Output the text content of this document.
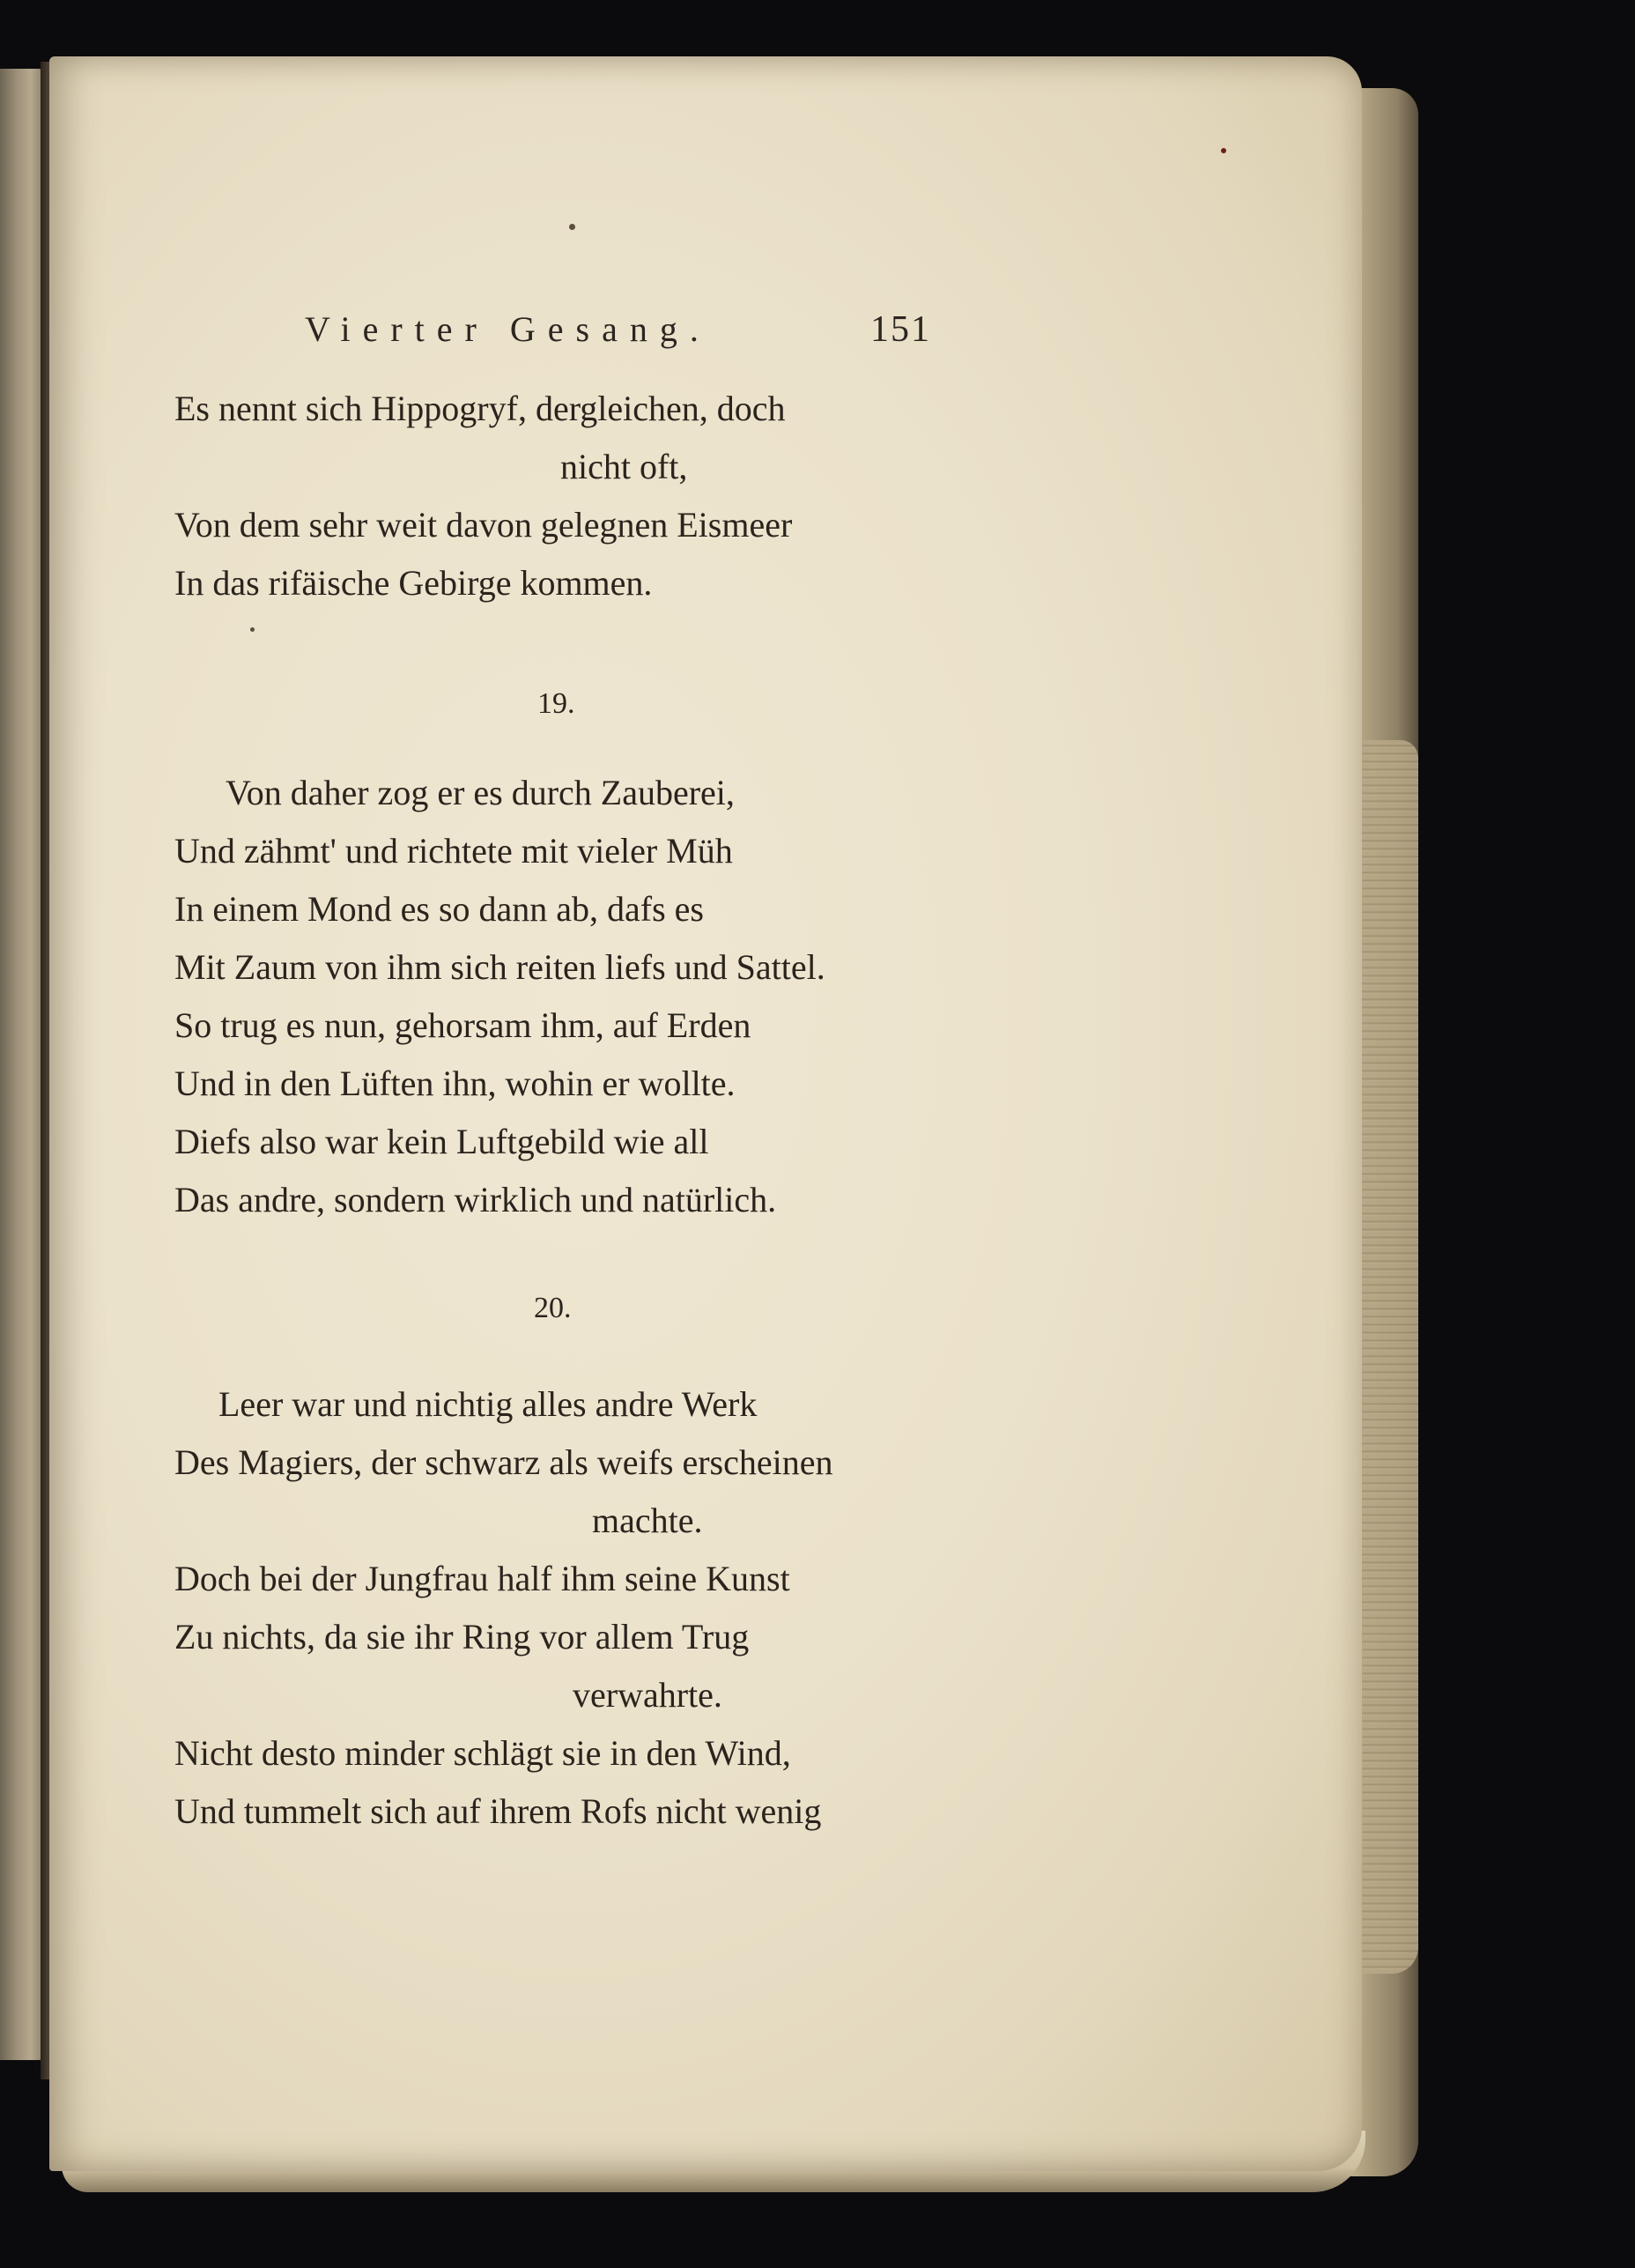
Vierter Gesang.	151
Es nennt sich Hippogryf, dergleichen, doch
nicht oft,
Von dem sehr weit davon gelegnen Eismeer
In das rifäische Gebirge kommen.
19.
Von daher zog er es durch Zauberei,
Und zähmt' und richtete mit vieler Müh
In einem Mond es so dann ab, dafs es
Mit Zaum von ihm sich reiten liefs und Sattel.
So trug es nun, gehorsam ihm, auf Erden
Und in den Lüften ihn, wohin er wollte.
Diefs also war kein Luftgebild wie all
Das andre, sondern wirklich und natürlich.
20.
Leer war und nichtig alles andre Werk
Des Magiers, der schwarz als weifs erscheinen
machte.
Doch bei der Jungfrau half ihm seine Kunst
Zu nichts, da sie ihr Ring vor allem Trug
verwahrte.
Nicht desto minder schlägt sie in den Wind,
Und tummelt sich auf ihrem Rofs nicht wenig
